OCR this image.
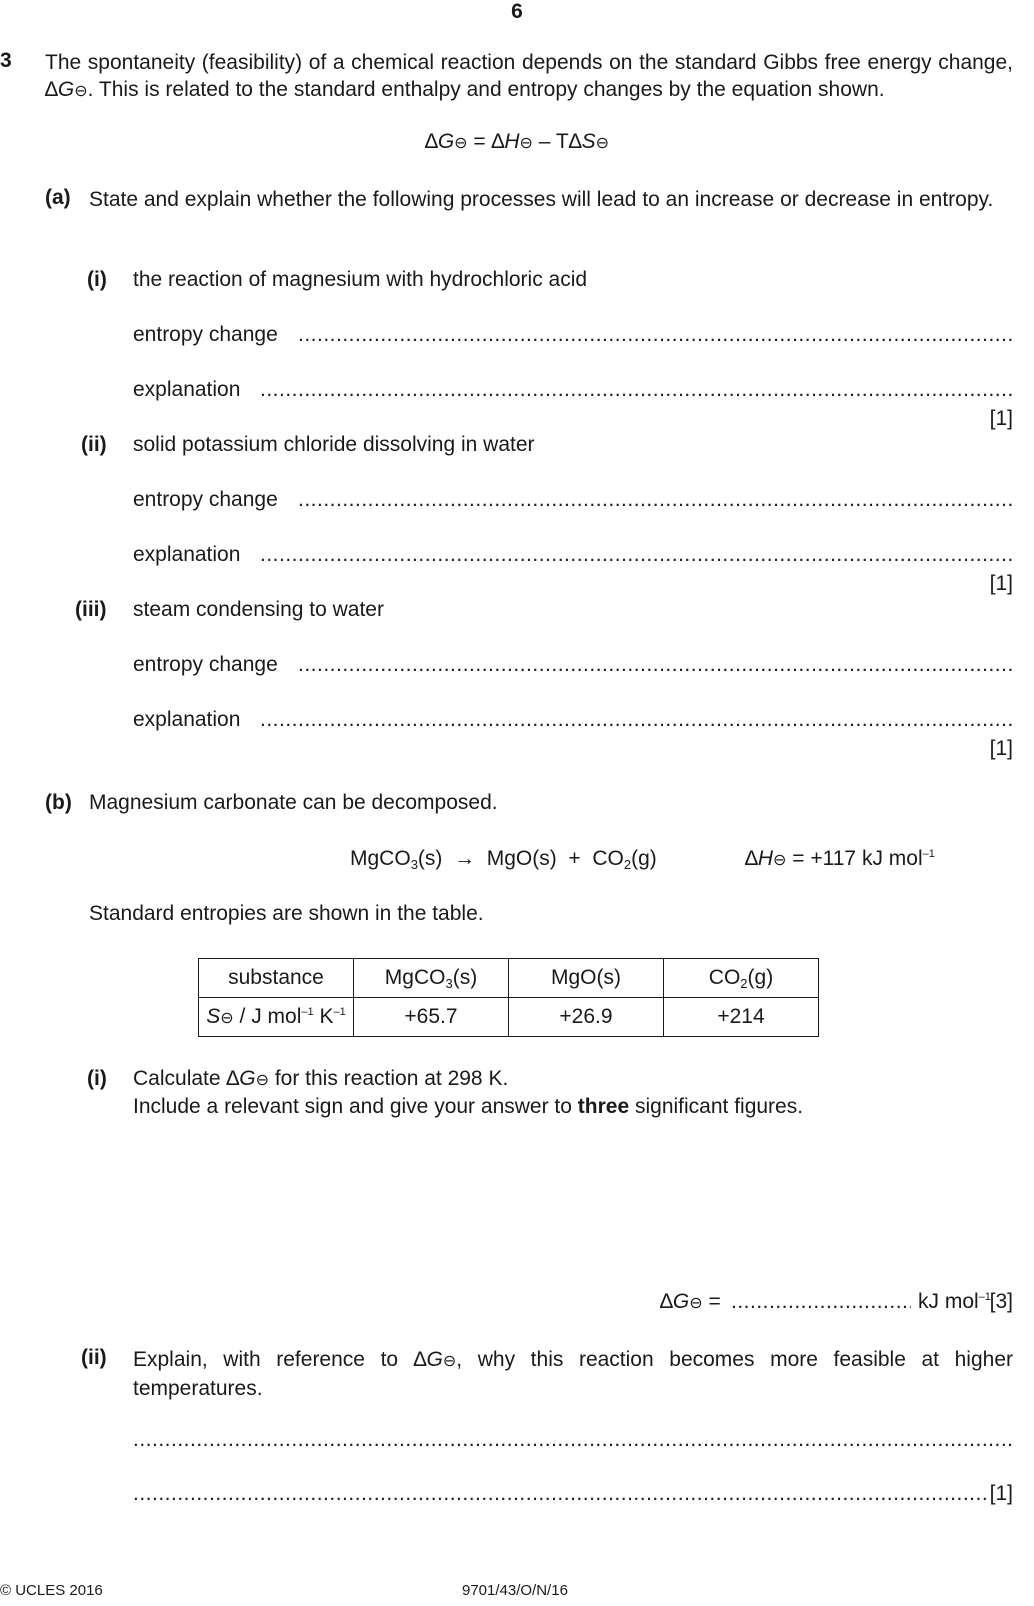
6
3 The spontaneity (feasibility) of a chemical reaction depends on the standard Gibbs free energy change, ∆G⊖. This is related to the standard enthalpy and entropy changes by the equation shown.
∆G⊖ = ∆H⊖ – T∆S⊖
(a) State and explain whether the following processes will lead to an increase or decrease in entropy.
(i) the reaction of magnesium with hydrochloric acid
entropy change
.....
explanation
.....
[1]
(ii) solid potassium chloride dissolving in water
entropy change
.....
explanation
.....
[1]
(iii) steam condensing to water
entropy change
.....
explanation
.....
[1]
(b) Magnesium carbonate can be decomposed.
MgCO$_3$(s)  →  $MgO(s) + CO_2(g)$	∆H⊖ = +117 kJ mol$^{-1}$
Standard entropies are shown in the table.
substance	MgCO$_3$(s)	MgO(s)	$CO_2(g)$
S⊖ / J mol$^{-1}$ $K^{-1}$	+65.7	+26.9	+214
(i) Calculate ∆G⊖ for this reaction at 298 K.
Include a relevant sign and give your answer to three significant figures.
∆G⊖ = .....	kJ mol$^{-1}$
[3]
(ii) Explain, with reference to ∆G⊖, why this reaction becomes more feasible at higher temperatures.
.....
.....
[1]
© UCLES 2016	9701/43/O/N/16
